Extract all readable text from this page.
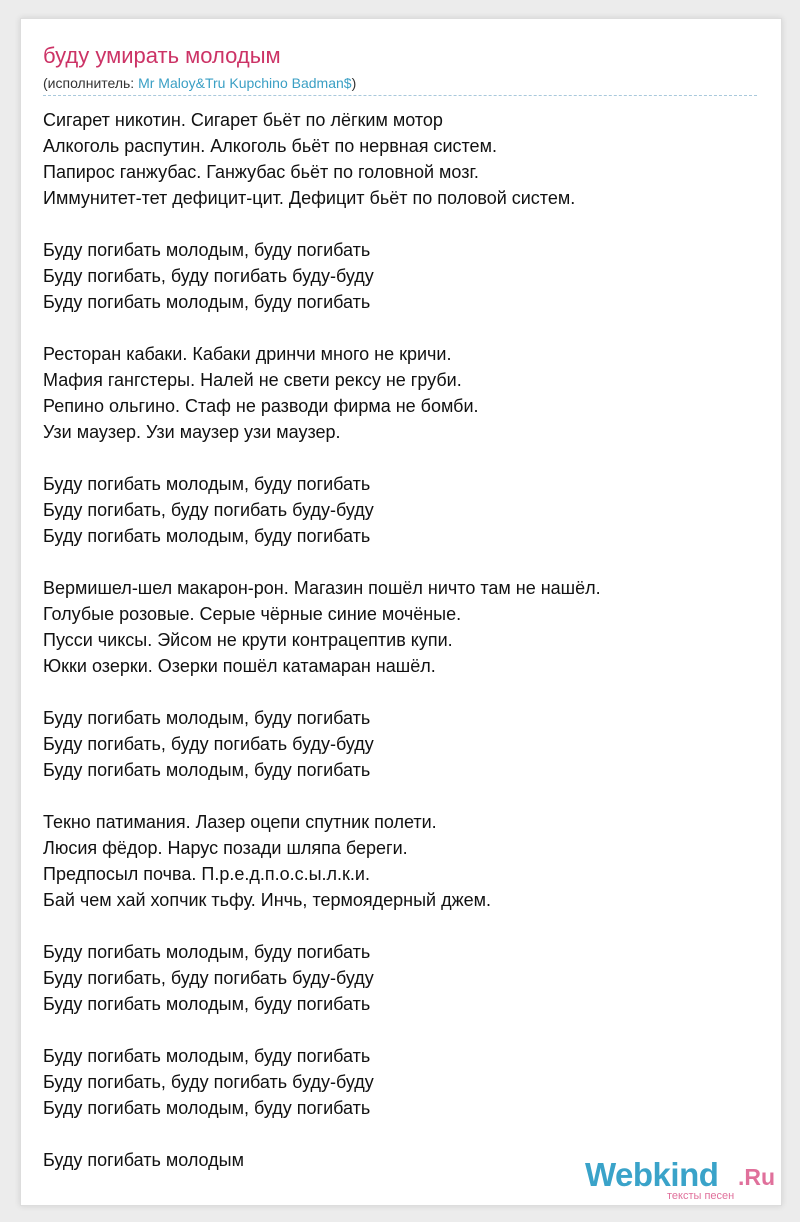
буду умирать молодым
(исполнитель: Mr Maloy&Tru Kupchino Badman$)
Сигарет никотин. Сигарет бьёт по лёгким мотор
Алкоголь распутин. Алкоголь бьёт по нервная систем.
Папирос ганжубас. Ганжубас бьёт по головной мозг.
Иммунитет-тет дефицит-цит. Дефицит бьёт по половой систем.
Буду погибать молодым, буду погибать
Буду погибать, буду погибать буду-буду
Буду погибать молодым, буду погибать
Ресторан кабаки. Кабаки дринчи много не кричи.
Мафия гангстеры. Налей не свети рексу не груби.
Репино ольгино. Стаф не разводи фирма не бомби.
Узи маузер. Узи маузер узи маузер.
Буду погибать молодым, буду погибать
Буду погибать, буду погибать буду-буду
Буду погибать молодым, буду погибать
Вермишел-шел макарон-рон. Магазин пошёл ничто там не нашёл.
Голубые розовые. Серые чёрные синие мочёные.
Пусси чиксы. Эйсом не крути контрацептив купи.
Юкки озерки. Озерки пошёл катамаран нашёл.
Буду погибать молодым, буду погибать
Буду погибать, буду погибать буду-буду
Буду погибать молодым, буду погибать
Текно патимания. Лазер оцепи спутник полети.
Люсия фёдор. Нарус позади шляпа береги.
Предпосыл почва. П.р.е.д.п.о.с.ы.л.к.и.
Бай чем хай хопчик тьфу. Инчь, термоядерный джем.
Буду погибать молодым, буду погибать
Буду погибать, буду погибать буду-буду
Буду погибать молодым, буду погибать
Буду погибать молодым, буду погибать
Буду погибать, буду погибать буду-буду
Буду погибать молодым, буду погибать
Буду погибать молодым	Webkind .Ru
тексты песен
